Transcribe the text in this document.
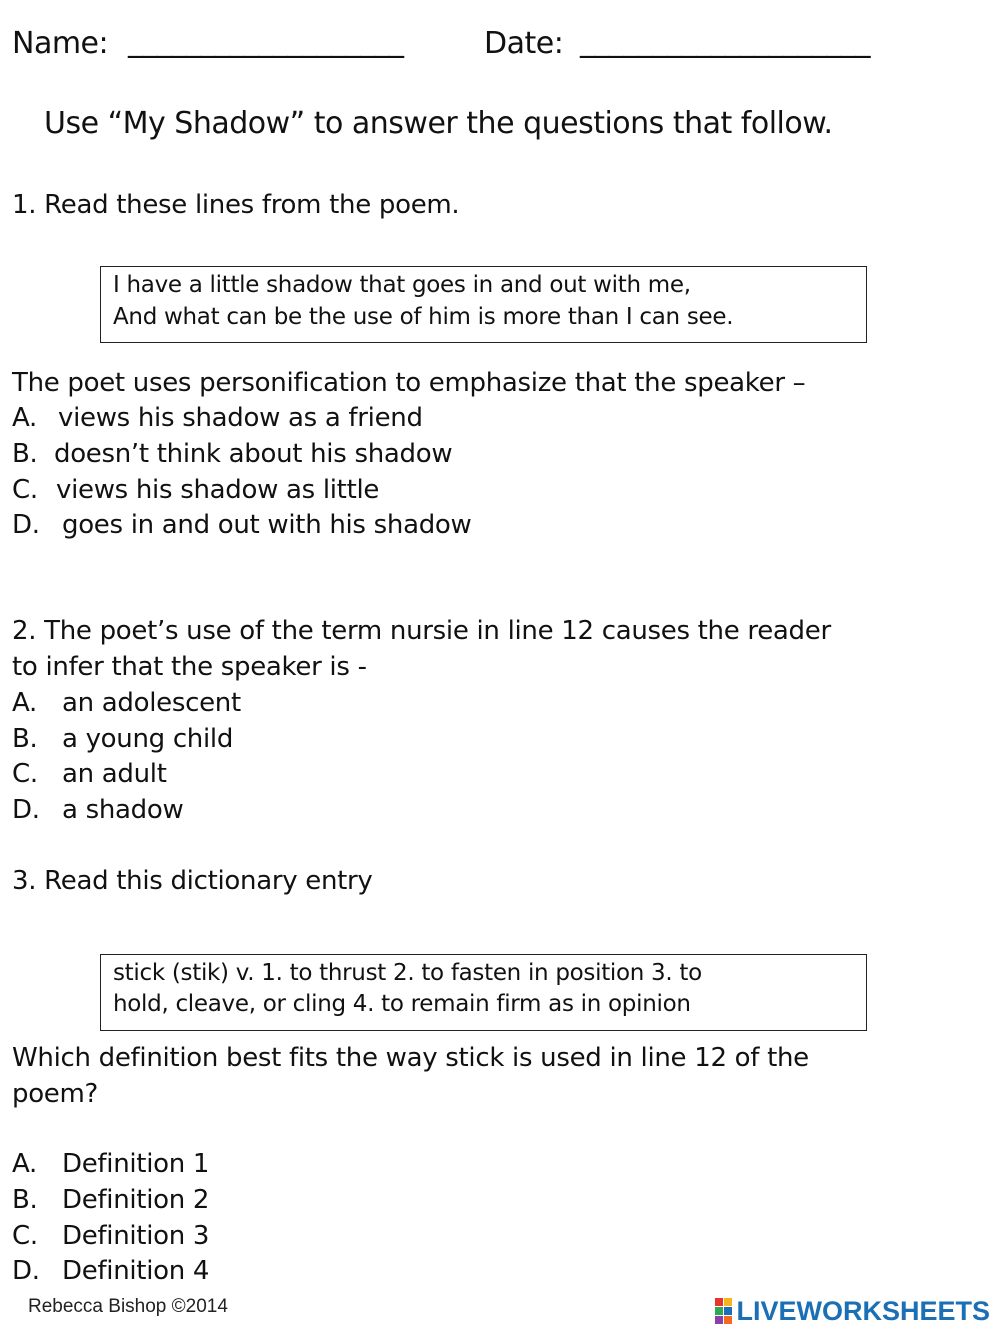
Name: ___________________	Date: ____________________
Use “My Shadow” to answer the questions that follow.
1. Read these lines from the poem.
I have a little shadow that goes in and out with me,
And what can be the use of him is more than I can see.
The poet uses personification to emphasize that the speaker –
A. views his shadow as a friend
B. doesn’t think about his shadow
C. views his shadow as little
D. goes in and out with his shadow
2. The poet’s use of the term nursie in line 12 causes the reader
to infer that the speaker is -
A. an adolescent
B. a young child
C. an adult
D. a shadow
3. Read this dictionary entry
stick (stik) v. 1. to thrust 2. to fasten in position 3. to
hold, cleave, or cling 4. to remain firm as in opinion
Which definition best fits the way stick is used in line 12 of the
poem?
A. Definition 1
B. Definition 2
C. Definition 3
D. Definition 4
Rebecca Bishop ©2014	LIVEWORKSHEETS
